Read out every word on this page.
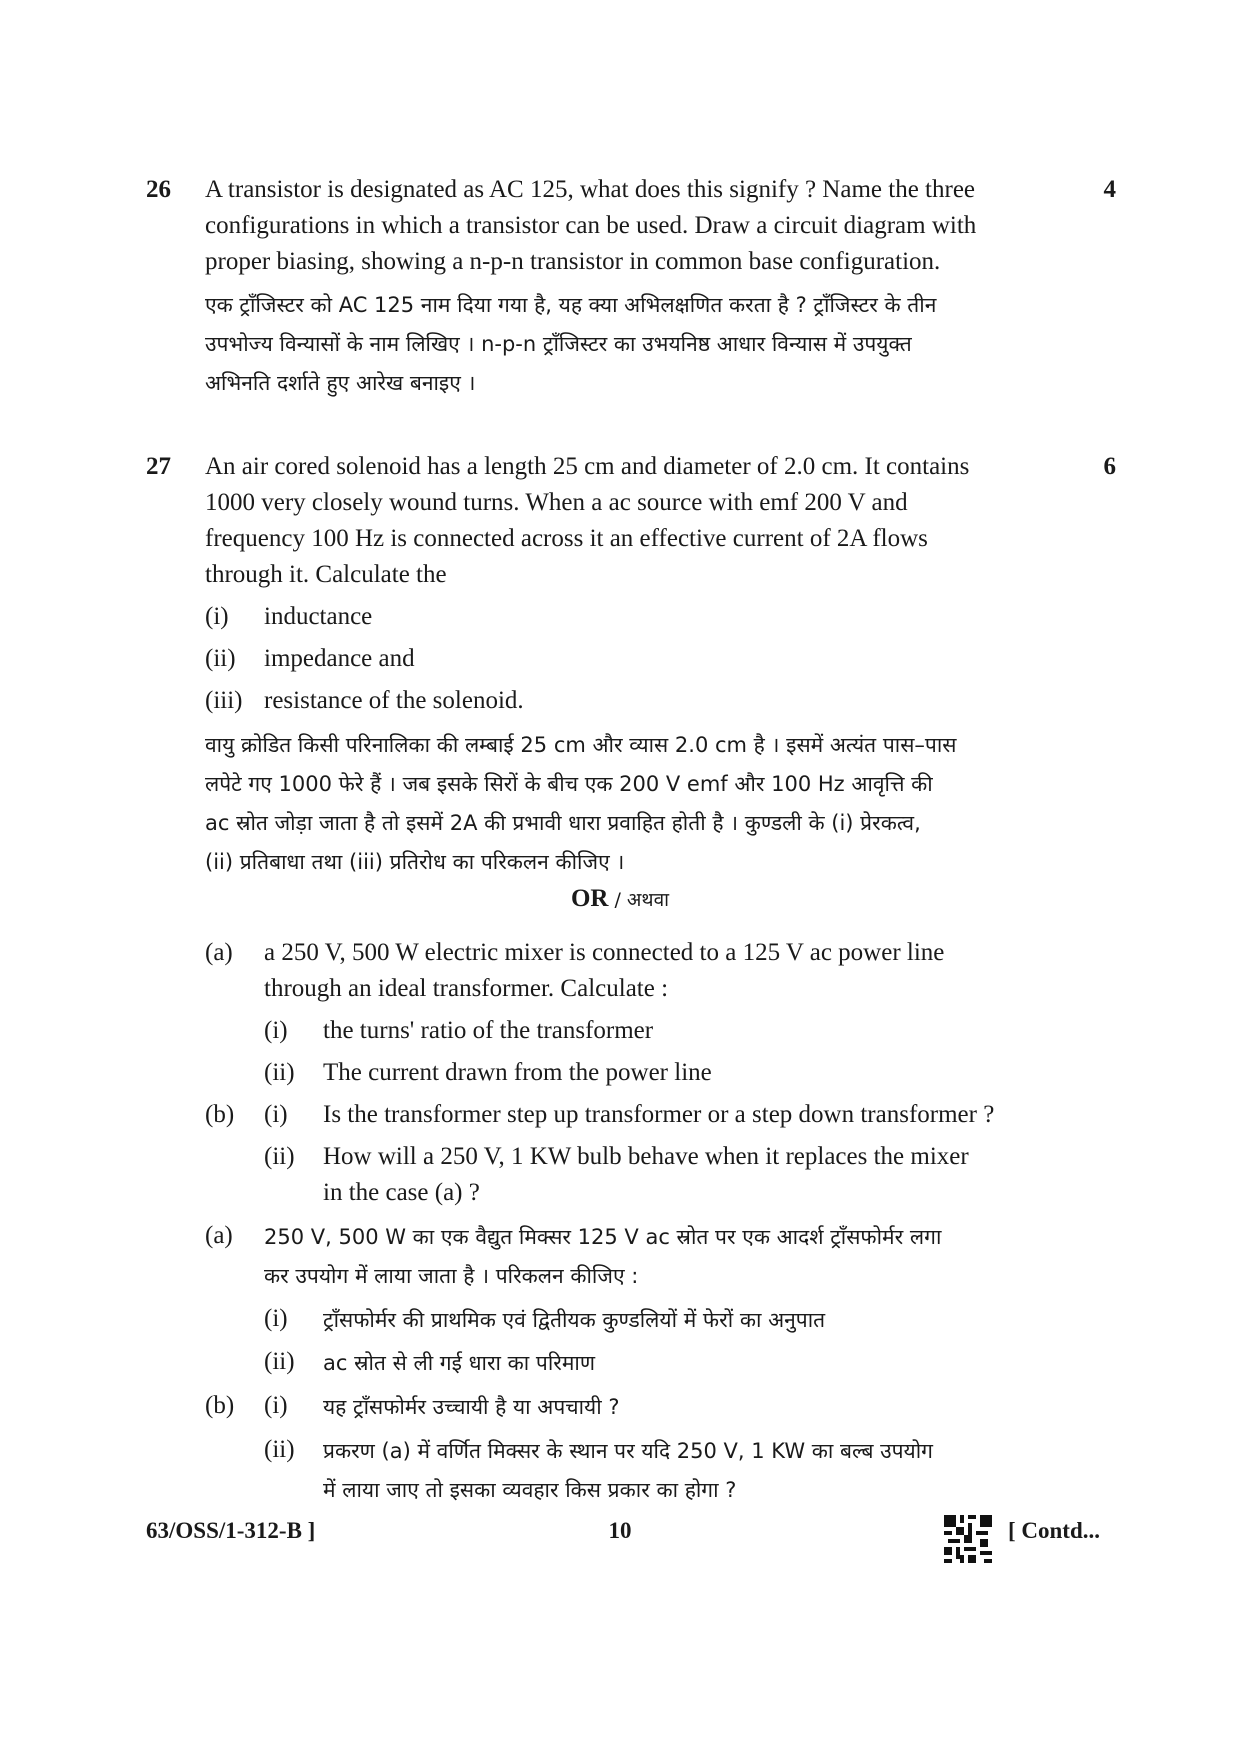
26	4
A transistor is designated as AC 125, what does this signify ? Name the three
configurations in which a transistor can be used. Draw a circuit diagram with
proper biasing, showing a n-p-n transistor in common base configuration.
एक ट्राँजिस्टर को AC 125 नाम दिया गया है, यह क्या अभिलक्षणित करता है ? ट्राँजिस्टर के तीन
उपभोज्य विन्यासों के नाम लिखिए । n-p-n ट्राँजिस्टर का उभयनिष्ठ आधार विन्यास में उपयुक्त
अभिनति दर्शाते हुए आरेख बनाइए ।
27	6
An air cored solenoid has a length 25 cm and diameter of 2.0 cm. It contains
1000 very closely wound turns. When a ac source with emf 200 V and
frequency 100 Hz is connected across it an effective current of 2A flows
through it. Calculate the
(i) inductance
(ii) impedance and
(iii) resistance of the solenoid.
वायु क्रोडित किसी परिनालिका की लम्बाई 25 cm और व्यास 2.0 cm है । इसमें अत्यंत पास–पास
लपेटे गए 1000 फेरे हैं । जब इसके सिरों के बीच एक 200 V emf और 100 Hz आवृत्ति की
ac स्रोत जोड़ा जाता है तो इसमें 2A की प्रभावी धारा प्रवाहित होती है । कुण्डली के (i) प्रेरकत्व,
(ii) प्रतिबाधा तथा (iii) प्रतिरोध का परिकलन कीजिए ।
OR / अथवा
(a) a 250 V, 500 W electric mixer is connected to a 125 V ac power line
through an ideal transformer. Calculate :
(i) the turns' ratio of the transformer
(ii) The current drawn from the power line
(b) (i) Is the transformer step up transformer or a step down transformer ?
(ii) How will a 250 V, 1 KW bulb behave when it replaces the mixer
in the case (a) ?
(a) 250 V, 500 W का एक वैद्युत मिक्सर 125 V ac स्रोत पर एक आदर्श ट्राँसफोर्मर लगा
कर उपयोग में लाया जाता है । परिकलन कीजिए :
(i) ट्राँसफोर्मर की प्राथमिक एवं द्वितीयक कुण्डलियों में फेरों का अनुपात
(ii) ac स्रोत से ली गई धारा का परिमाण
(b) (i) यह ट्राँसफोर्मर उच्चायी है या अपचायी ?
(ii) प्रकरण (a) में वर्णित मिक्सर के स्थान पर यदि 250 V, 1 KW का बल्ब उपयोग
में लाया जाए तो इसका व्यवहार किस प्रकार का होगा ?
63/OSS/1-312-B ]	10	[ Contd...
